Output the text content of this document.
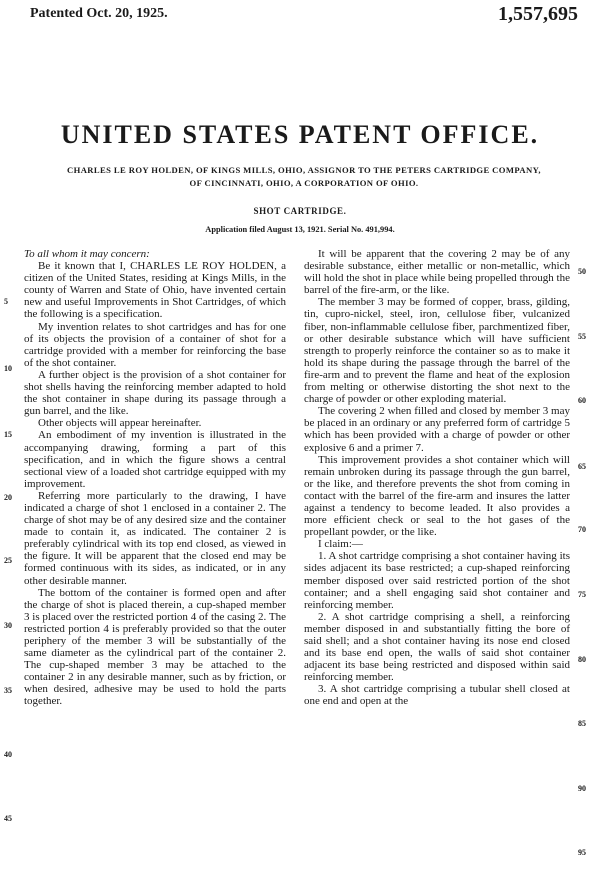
Patented Oct. 20, 1925.	1,557,695
UNITED STATES PATENT OFFICE.
CHARLES LE ROY HOLDEN, OF KINGS MILLS, OHIO, ASSIGNOR TO THE PETERS CARTRIDGE COMPANY, OF CINCINNATI, OHIO, A CORPORATION OF OHIO.
SHOT CARTRIDGE.
Application filed August 13, 1921. Serial No. 491,994.

To all whom it may concern:

Be it known that I, CHARLES LE ROY HOLDEN, a citizen of the United States, residing at Kings Mills, in the county of Warren and State of Ohio, have invented certain new and useful Improvements in Shot Cartridges, of which the following is a specification.

My invention relates to shot cartridges and has for one of its objects the provision of a container of shot for a cartridge provided with a member for reinforcing the base of the shot container.

A further object is the provision of a shot container for shot shells having the reinforcing member adapted to hold the shot container in shape during its passage through a gun barrel, and the like.

Other objects will appear hereinafter.

An embodiment of my invention is illustrated in the accompanying drawing, forming a part of this specification, and in which the figure shows a central sectional view of a loaded shot cartridge equipped with my improvement.

Referring more particularly to the drawing, I have indicated a charge of shot 1 enclosed in a container 2. The charge of shot may be of any desired size and the container made to contain it, as indicated. The container 2 is preferably cylindrical with its top end closed, as viewed in the figure. It will be apparent that the closed end may be formed continuous with its sides, as indicated, or in any other desirable manner.

The bottom of the container is formed open and after the charge of shot is placed therein, a cup-shaped member 3 is placed over the restricted portion 4 of the casing 2. The restricted portion 4 is preferably provided so that the outer periphery of the member 3 will be substantially of the same diameter as the cylindrical part of the container 2. The cup-shaped member 3 may be attached to the container 2 in any desirable manner, such as by friction, or when desired, adhesive may be used to hold the parts together.

It will be apparent that the covering 2 may be of any desirable substance, either metallic or non-metallic, which will hold the shot in place while being propelled through the barrel of the fire-arm, or the like.

The member 3 may be formed of copper, brass, gilding, tin, cupro-nickel, steel, iron, cellulose fiber, vulcanized fiber, non-inflammable cellulose fiber, parchmentized fiber, or other desirable substance which will have sufficient strength to properly reinforce the container so as to make it hold its shape during the passage through the barrel of the fire-arm and to prevent the flame and heat of the explosion from melting or otherwise distorting the shot next to the charge of powder or other exploding material.

The covering 2 when filled and closed by member 3 may be placed in an ordinary or any preferred form of cartridge 5 which has been provided with a charge of powder or other explosive 6 and a primer 7.

This improvement provides a shot container which will remain unbroken during its passage through the gun barrel, or the like, and therefore prevents the shot from coming in contact with the barrel of the fire-arm and insures the latter against a tendency to become leaded. It also provides a more efficient check or seal to the hot gases of the propellant powder, or the like.

I claim:—

1. A shot cartridge comprising a shot container having its sides adjacent its base restricted; a cup-shaped reinforcing member disposed over said restricted portion of the shot container; and a shell engaging said shot container and reinforcing member.

2. A shot cartridge comprising a shell, a reinforcing member disposed in and substantially fitting the bore of said shell; and a shot container having its nose end closed and its base end open, the walls of said shot container adjacent its base being restricted and disposed within said reinforcing member.

3. A shot cartridge comprising a tubular shell closed at one end and open at the

5
10
15
20
25
30
35
40
45
50
55
60
65
70
75
80
85
90
95
